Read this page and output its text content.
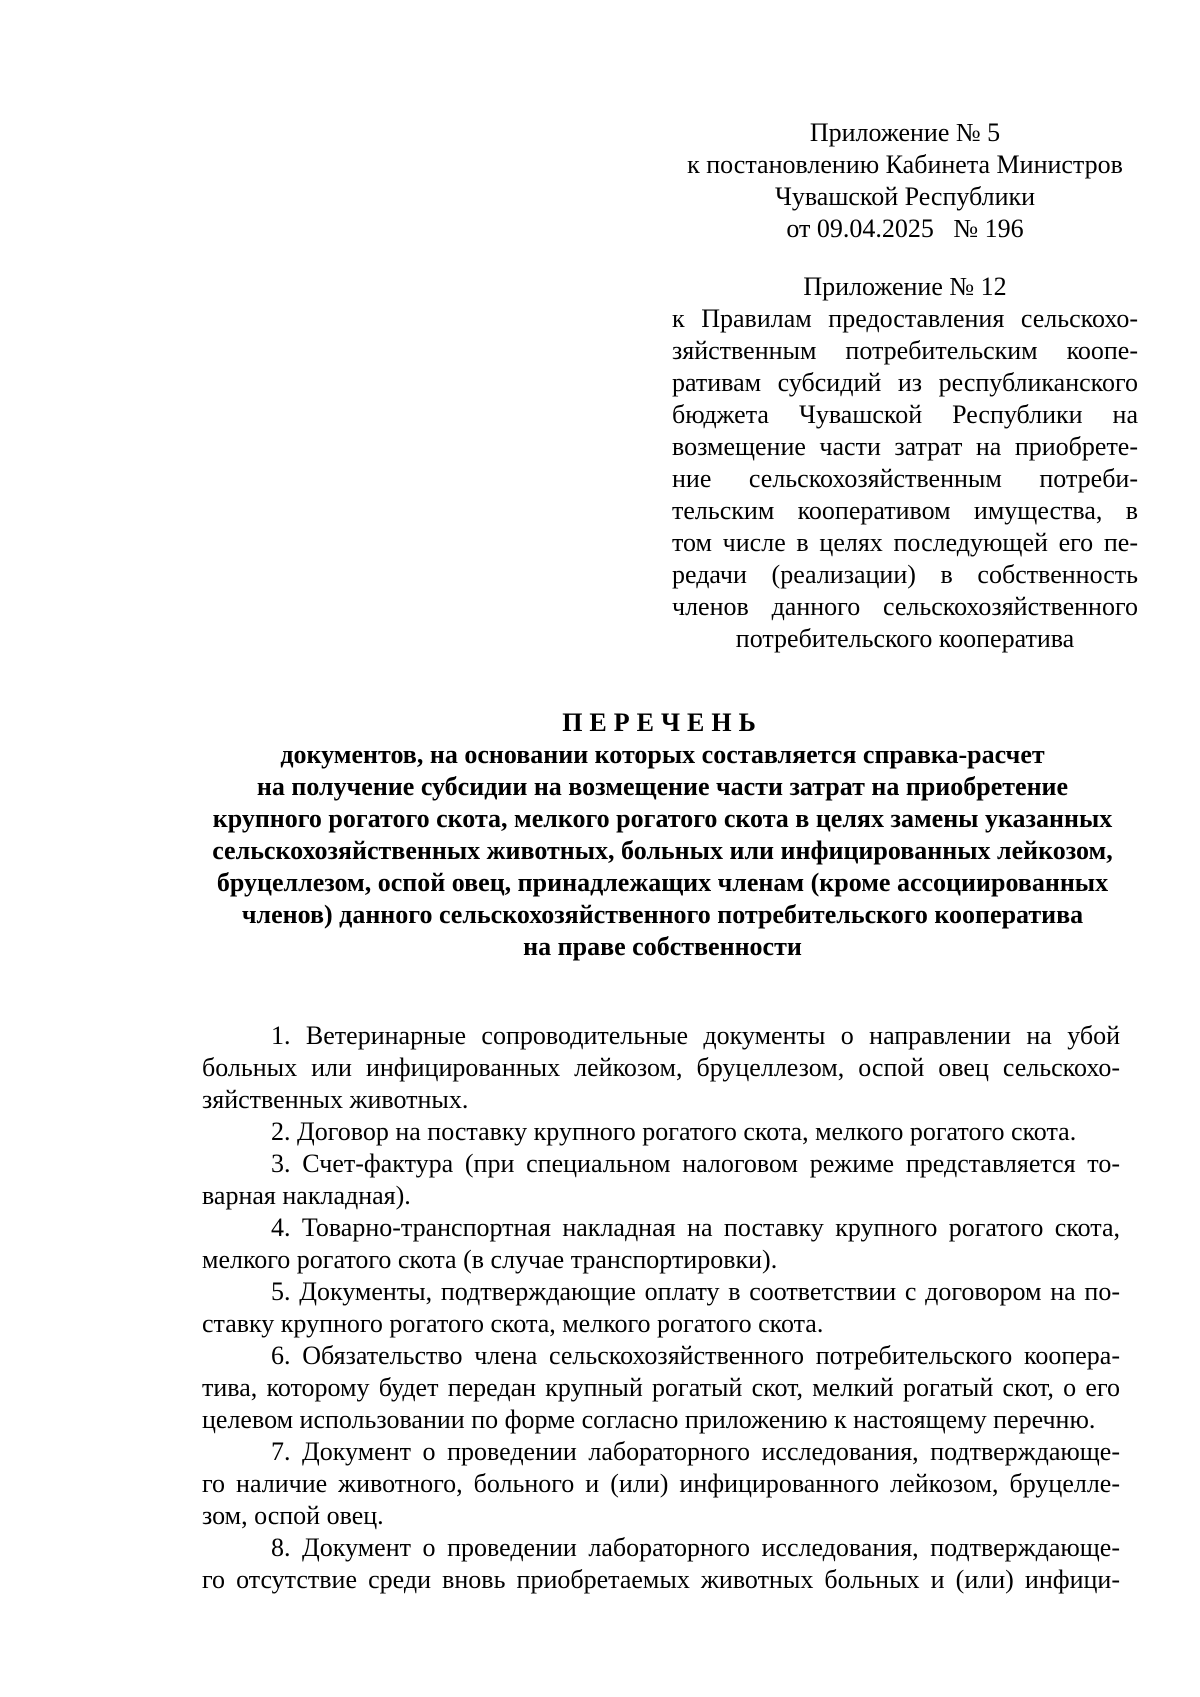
Приложение № 5

к постановлению Кабинета Министров

Чувашской Республики

от 09.04.2025   № 196

Приложение № 12

к Правилам предоставления сельскохо-

зяйственным потребительским коопе-

ративам субсидий из республиканского

бюджета Чувашской Республики на

возмещение части затрат на приобрете-

ние сельскохозяйственным потреби-

тельским кооперативом имущества, в

том числе в целях последующей его пе-

редачи (реализации) в собственность

членов данного сельскохозяйственного

потребительского кооператива

ПЕРЕЧЕНЬ

документов, на основании которых составляется справка-расчет

на получение субсидии на возмещение части затрат на приобретение

крупного рогатого скота, мелкого рогатого скота в целях замены указанных

сельскохозяйственных животных, больных или инфицированных лейкозом,

бруцеллезом, оспой овец, принадлежащих членам (кроме ассоциированных

членов) данного сельскохозяйственного потребительского кооператива

на праве собственности

1. Ветеринарные сопроводительные документы о направлении на убой

больных или инфицированных лейкозом, бруцеллезом, оспой овец сельскохо-

зяйственных животных.

2. Договор на поставку крупного рогатого скота, мелкого рогатого скота.

3. Счет-фактура (при специальном налоговом режиме представляется то-

варная накладная).

4. Товарно-транспортная накладная на поставку крупного рогатого скота,

мелкого рогатого скота (в случае транспортировки).

5. Документы, подтверждающие оплату в соответствии с договором на по-

ставку крупного рогатого скота, мелкого рогатого скота.

6. Обязательство члена сельскохозяйственного потребительского коопера-

тива, которому будет передан крупный рогатый скот, мелкий рогатый скот, о его

целевом использовании по форме согласно приложению к настоящему перечню.

7. Документ о проведении лабораторного исследования, подтверждающе-

го наличие животного, больного и (или) инфицированного лейкозом, бруцелле-

зом, оспой овец.

8. Документ о проведении лабораторного исследования, подтверждающе-

го отсутствие среди вновь приобретаемых животных больных и (или) инфици-
